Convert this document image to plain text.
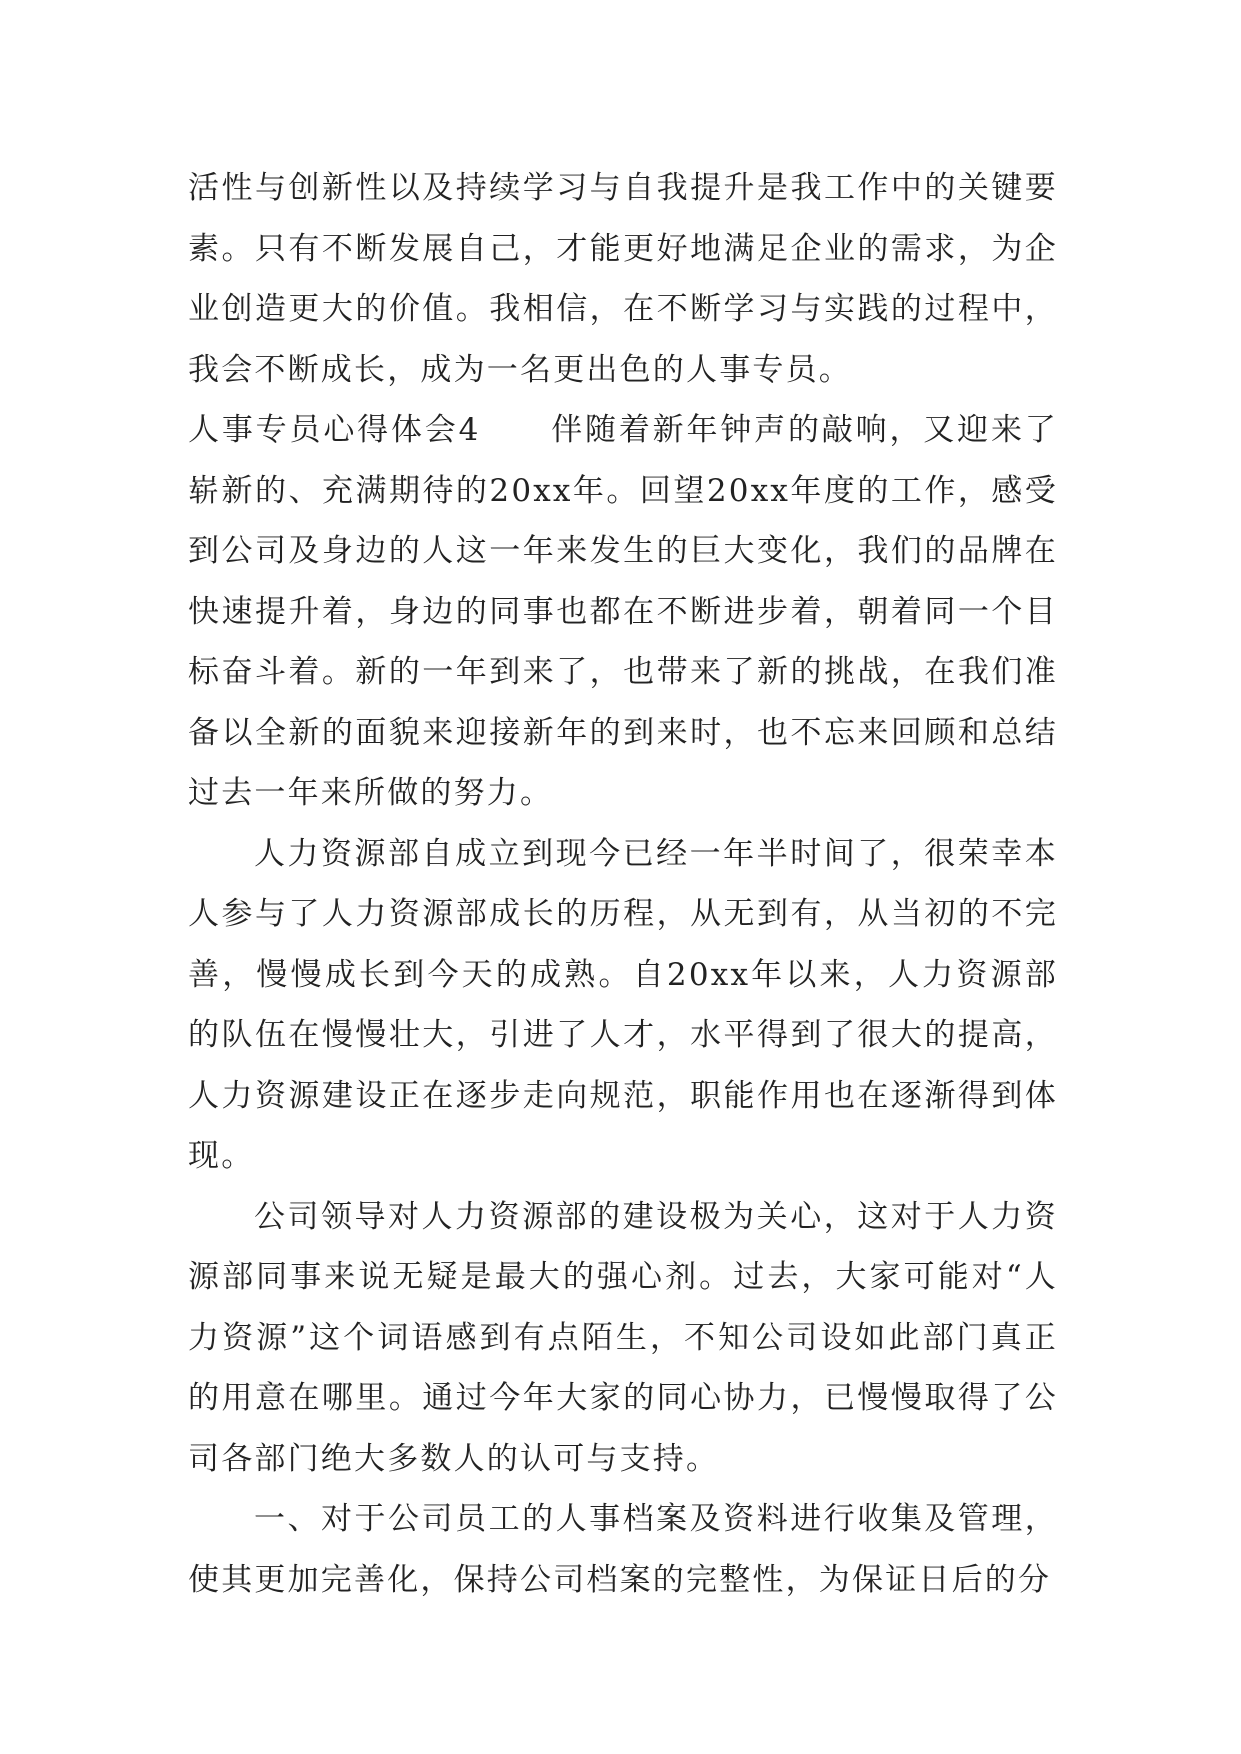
活性与创新性以及持续学习与自我提升是我工作中的关键要素。只有不断发展自己，才能更好地满足企业的需求，为企业创造更大的价值。我相信，在不断学习与实践的过程中，我会不断成长，成为一名更出色的人事专员。

人事专员心得体会4 伴随着新年钟声的敲响，又迎来了崭新的、充满期待的20xx年。回望20xx年度的工作，感受到公司及身边的人这一年来发生的巨大变化，我们的品牌在快速提升着，身边的同事也都在不断进步着，朝着同一个目标奋斗着。新的一年到来了，也带来了新的挑战，在我们准备以全新的面貌来迎接新年的到来时，也不忘来回顾和总结过去一年来所做的努力。

人力资源部自成立到现今已经一年半时间了，很荣幸本人参与了人力资源部成长的历程，从无到有，从当初的不完善，慢慢成长到今天的成熟。自20xx年以来，人力资源部的队伍在慢慢壮大，引进了人才，水平得到了很大的提高，人力资源建设正在逐步走向规范，职能作用也在逐渐得到体现。

公司领导对人力资源部的建设极为关心，这对于人力资源部同事来说无疑是最大的强心剂。过去，大家可能对“人力资源”这个词语感到有点陌生，不知公司设如此部门真正的用意在哪里。通过今年大家的同心协力，已慢慢取得了公司各部门绝大多数人的认可与支持。

一、对于公司员工的人事档案及资料进行收集及管理，使其更加完善化，保持公司档案的完整性，为保证日后的分
